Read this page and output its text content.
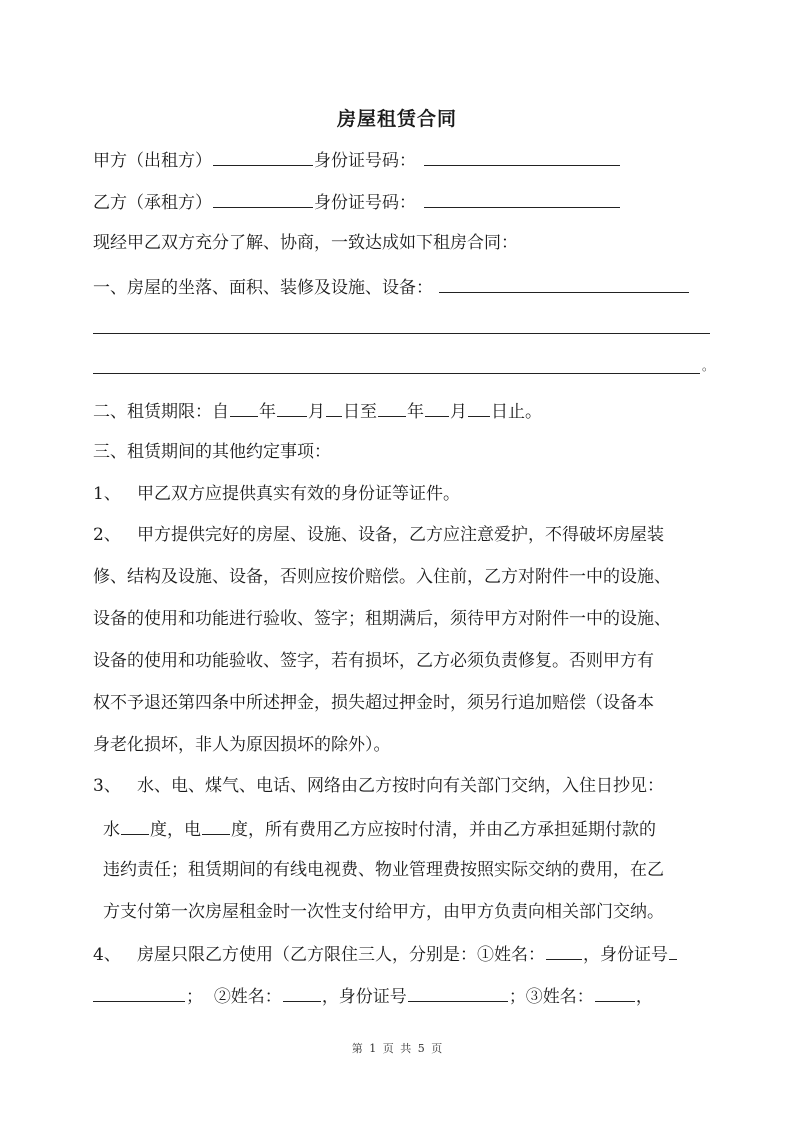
房屋租赁合同
甲方（出租方）	身份证号码：
乙方（承租方）	身份证号码：
现经甲乙双方充分了解、协商，一致达成如下租房合同：
一、房屋的坐落、面积、装修及设施、设备：
。
二、租赁期限：自 年 月 日至 年 月 日止。
三、租赁期间的其他约定事项：
1、 甲乙双方应提供真实有效的身份证等证件。
2、 甲方提供完好的房屋、设施、设备，乙方应注意爱护，不得破坏房屋装
修、结构及设施、设备，否则应按价赔偿。入住前，乙方对附件一中的设施、
设备的使用和功能进行验收、签字；租期满后，须待甲方对附件一中的设施、
设备的使用和功能验收、签字，若有损坏，乙方必须负责修复。否则甲方有
权不予退还第四条中所述押金，损失超过押金时，须另行追加赔偿（设备本
身老化损坏，非人为原因损坏的除外）。
3、 水、电、煤气、电话、网络由乙方按时向有关部门交纳，入住日抄见：
水 度，电 度，所有费用乙方应按时付清，并由乙方承担延期付款的
违约责任；租赁期间的有线电视费、物业管理费按照实际交纳的费用，在乙
方支付第一次房屋租金时一次性支付给甲方，由甲方负责向相关部门交纳。
4、 房屋只限乙方使用（乙方限住三人，分别是：①姓名： ，身份证号
； ②姓名： ，身份证号	；③姓名： ，
第 1 页 共 5 页
